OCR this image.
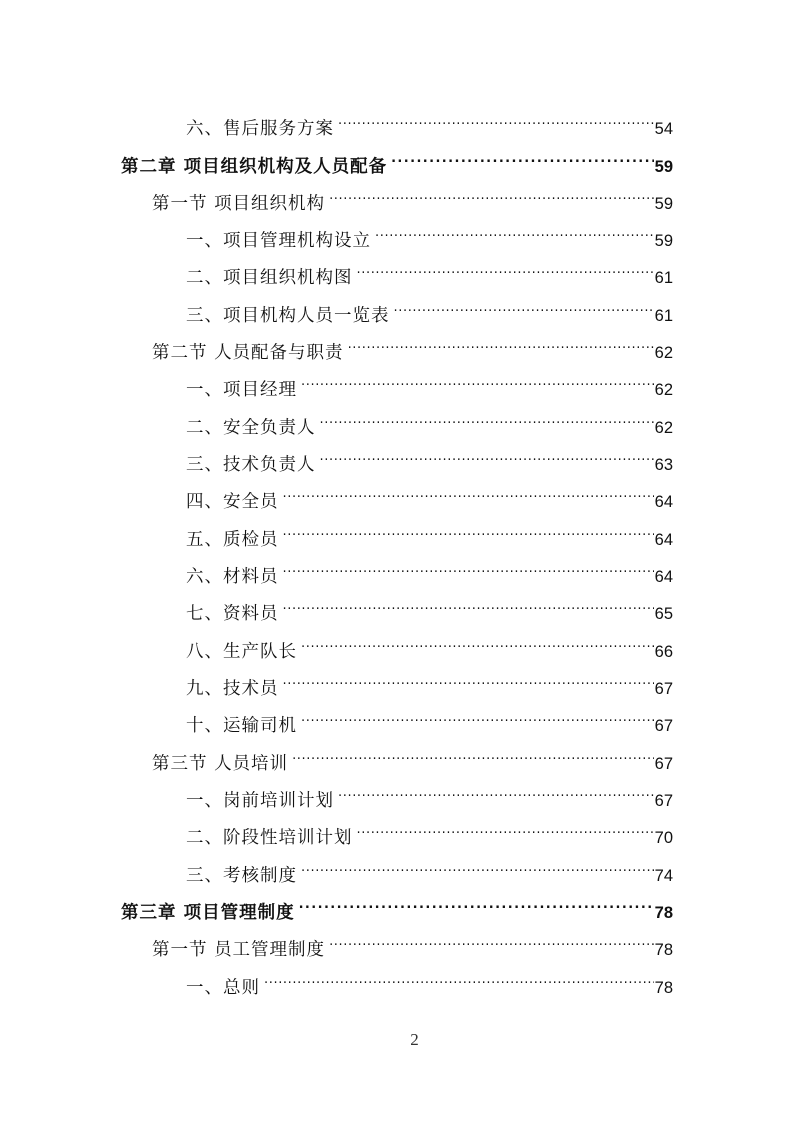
六、售后服务方案 .....	54
第二章 项目组织机构及人员配备 .....	59
第一节 项目组织机构 .....	59
一、项目管理机构设立 .....	59
二、项目组织机构图 .....	61
三、项目机构人员一览表 .....	61
第二节 人员配备与职责 .....	62
一、项目经理 .....	62
二、安全负责人 .....	62
三、技术负责人 .....	63
四、安全员 .....	64
五、质检员 .....	64
六、材料员 .....	64
七、资料员 .....	65
八、生产队长 .....	66
九、技术员 .....	67
十、运输司机 .....	67
第三节 人员培训 .....	67
一、岗前培训计划 .....	67
二、阶段性培训计划 .....	70
三、考核制度 .....	74
第三章 项目管理制度 .....	78
第一节 员工管理制度 .....	78
一、总则 .....	78
2
